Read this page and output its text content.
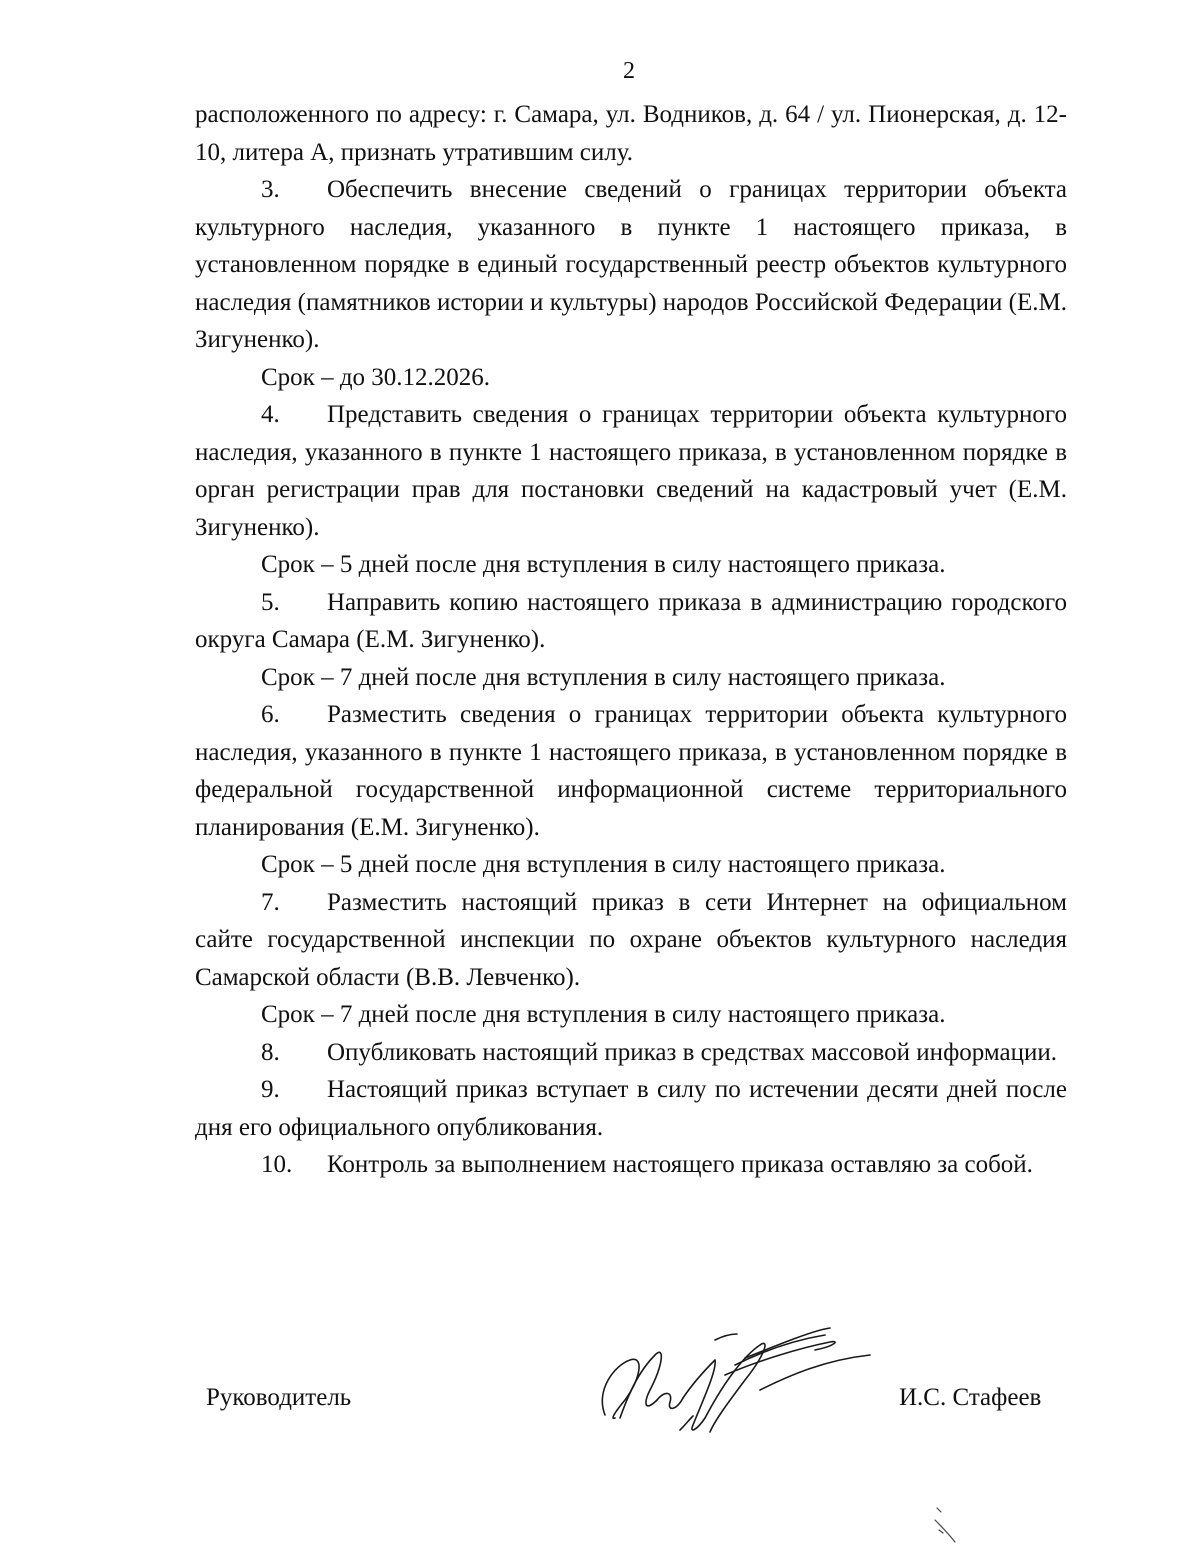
2

расположенного по адресу: г. Самара, ул. Водников, д. 64 / ул. Пионерская, д. 12-10, литера А, признать утратившим силу.

3. Обеспечить внесение сведений о границах территории объекта культурного наследия, указанного в пункте 1 настоящего приказа, в установленном порядке в единый государственный реестр объектов культурного наследия (памятников истории и культуры) народов Российской Федерации (Е.М. Зигуненко).

Срок – до 30.12.2026.

4. Представить сведения о границах территории объекта культурного наследия, указанного в пункте 1 настоящего приказа, в установленном порядке в орган регистрации прав для постановки сведений на кадастровый учет (Е.М. Зигуненко).

Срок – 5 дней после дня вступления в силу настоящего приказа.

5. Направить копию настоящего приказа в администрацию городского округа Самара (Е.М. Зигуненко).

Срок – 7 дней после дня вступления в силу настоящего приказа.

6. Разместить сведения о границах территории объекта культурного наследия, указанного в пункте 1 настоящего приказа, в установленном порядке в федеральной государственной информационной системе территориального планирования (Е.М. Зигуненко).

Срок – 5 дней после дня вступления в силу настоящего приказа.

7. Разместить настоящий приказ в сети Интернет на официальном сайте государственной инспекции по охране объектов культурного наследия Самарской области (В.В. Левченко).

Срок – 7 дней после дня вступления в силу настоящего приказа.

8. Опубликовать настоящий приказ в средствах массовой информации.

9. Настоящий приказ вступает в силу по истечении десяти дней после дня его официального опубликования.

10. Контроль за выполнением настоящего приказа оставляю за собой.

Руководитель	И.С. Стафеев
